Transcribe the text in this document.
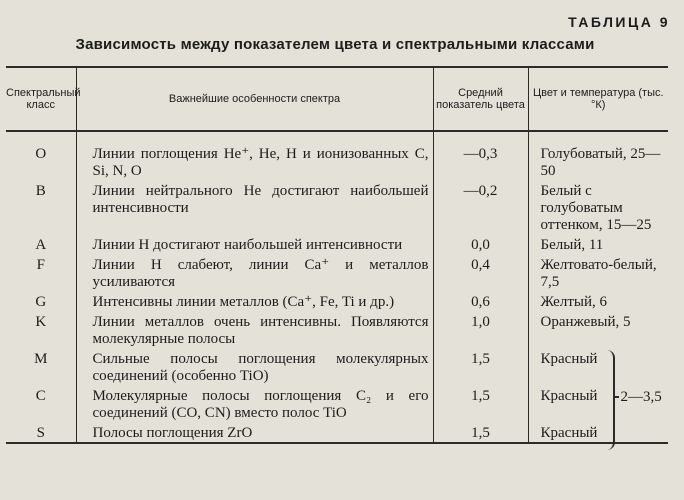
ТАБЛИЦА 9
Зависимость между показателем цвета и спектральными классами
Спектральный класс	Важнейшие особенности спектра	Средний показатель цвета	Цвет и температура (тыс. °К)
O	Линии поглощения He⁺, He, H и ионизованных C, Si, N, O	—0,3	Голубоватый, 25—50
B	Линии нейтрального He достигают наибольшей интенсивности	—0,2	Белый с голубоватым оттенком, 15—25
A	Линии H достигают наибольшей интенсивности	0,0	Белый, 11
F	Линии H слабеют, линии Ca⁺ и металлов усиливаются	0,4	Желтовато-белый, 7,5
G	Интенсивны линии металлов (Ca⁺, Fe, Ti и др.)	0,6	Желтый, 6
K	Линии металлов очень интенсивны. Появляются молекулярные полосы	1,0	Оранжевый, 5
M	Сильные полосы поглощения молекулярных соединений (особенно TiO)	1,5	Красный
2—3,5

C	Молекулярные полосы поглощения C₂ и его соединений (CO, CN) вместо полос TiO	1,5	Красный
S	Полосы поглощения ZrO	1,5	Красный
